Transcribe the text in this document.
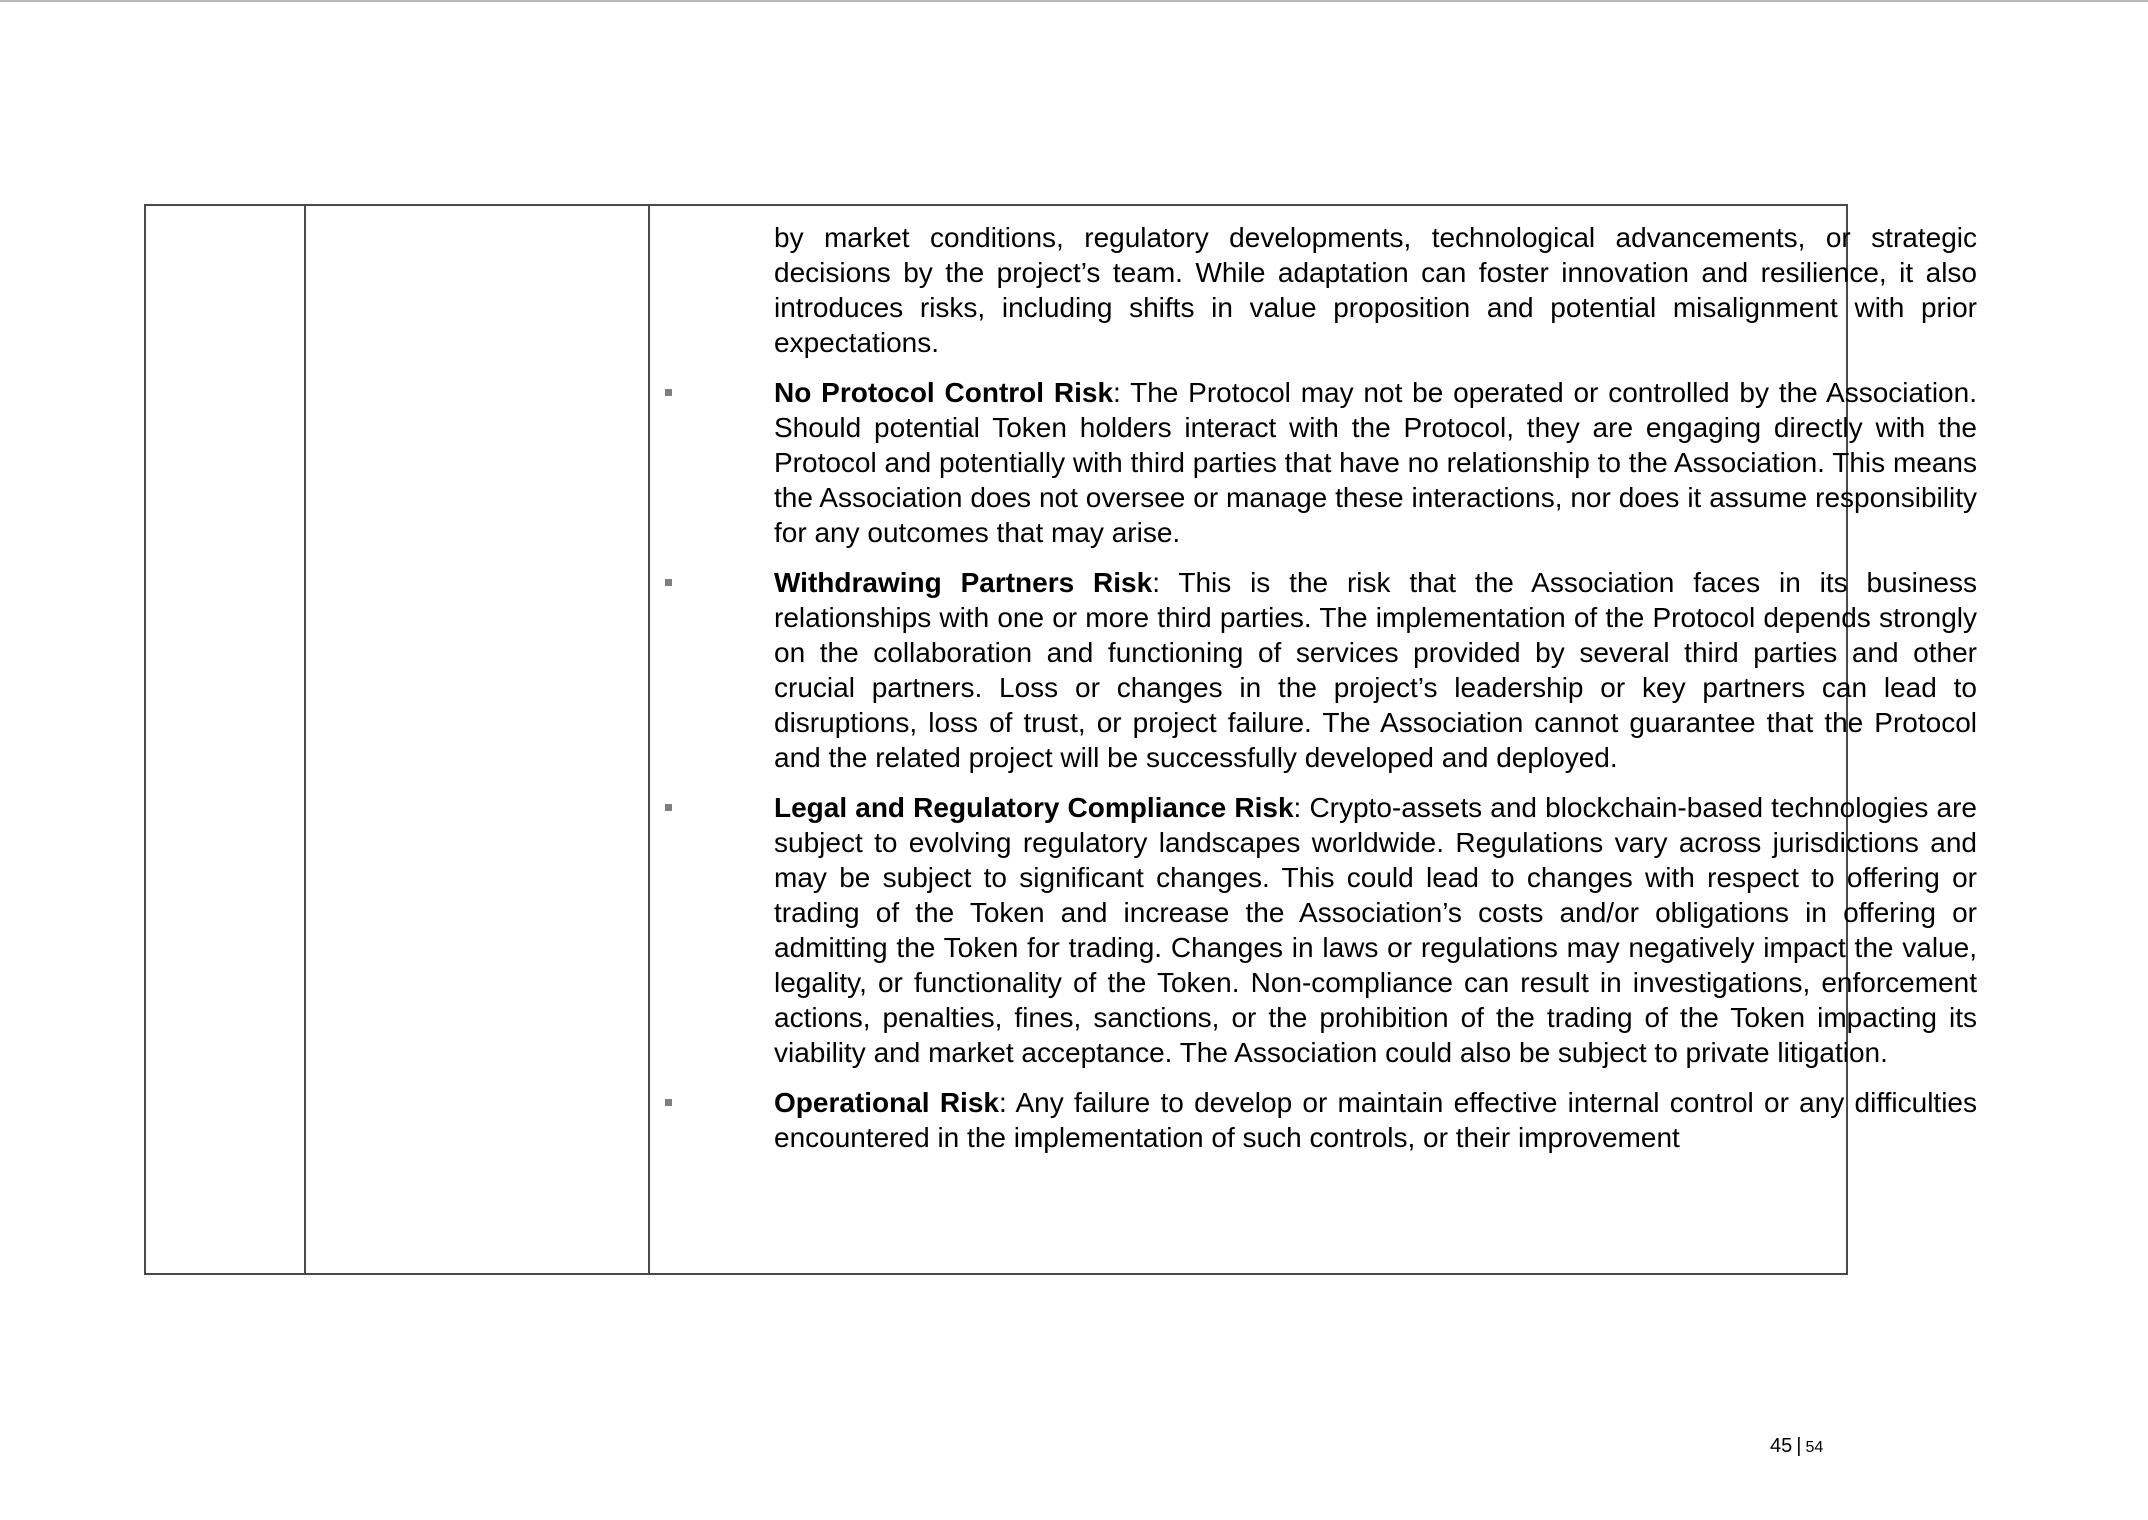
by market conditions, regulatory developments, technological advancements, or strategic decisions by the project’s team. While adaptation can foster innovation and resilience, it also introduces risks, including shifts in value proposition and potential misalignment with prior expectations.

No Protocol Control Risk: The Protocol may not be operated or controlled by the Association. Should potential Token holders interact with the Protocol, they are engaging directly with the Protocol and potentially with third parties that have no relationship to the Association. This means the Association does not oversee or manage these interactions, nor does it assume responsibility for any outcomes that may arise.

Withdrawing Partners Risk: This is the risk that the Association faces in its business relationships with one or more third parties. The implementation of the Protocol depends strongly on the collaboration and functioning of services provided by several third parties and other crucial partners. Loss or changes in the project’s leadership or key partners can lead to disruptions, loss of trust, or project failure. The Association cannot guarantee that the Protocol and the related project will be successfully developed and deployed.

Legal and Regulatory Compliance Risk: Crypto-assets and blockchain-based technologies are subject to evolving regulatory landscapes worldwide. Regulations vary across jurisdictions and may be subject to significant changes. This could lead to changes with respect to offering or trading of the Token and increase the Association’s costs and/or obligations in offering or admitting the Token for trading. Changes in laws or regulations may negatively impact the value, legality, or functionality of the Token. Non-compliance can result in investigations, enforcement actions, penalties, fines, sanctions, or the prohibition of the trading of the Token impacting its viability and market acceptance. The Association could also be subject to private litigation.

Operational Risk: Any failure to develop or maintain effective internal control or any difficulties encountered in the implementation of such controls, or their improvement

45 | 54
